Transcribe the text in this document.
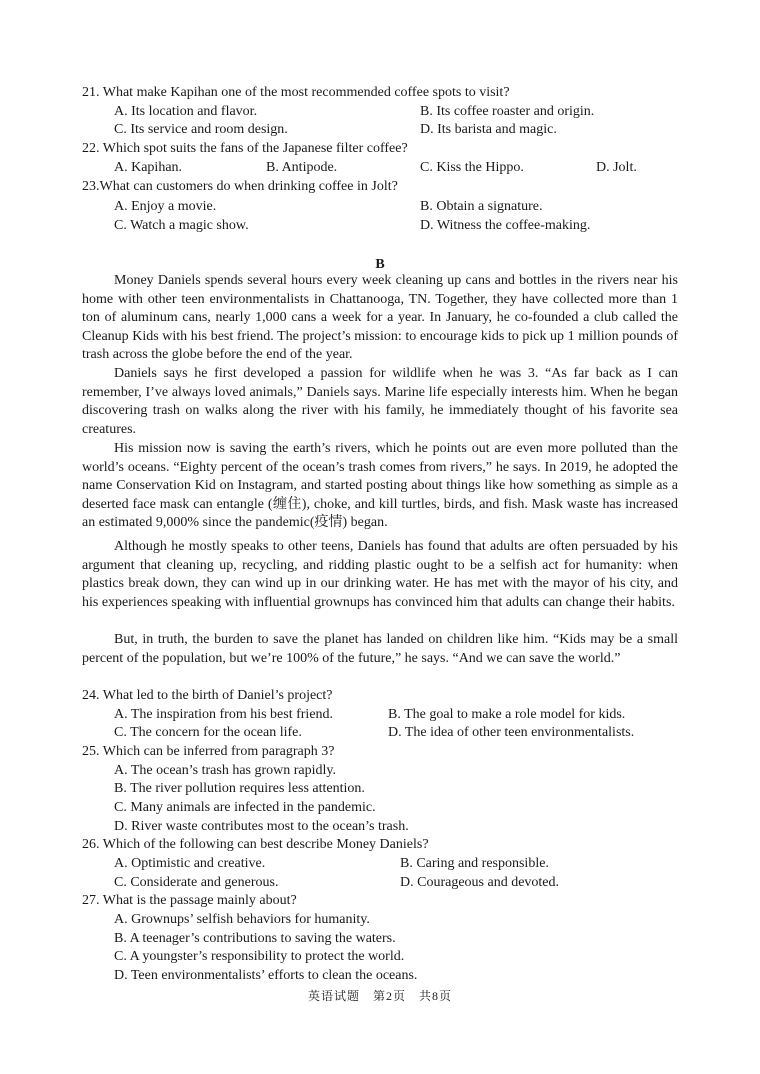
21. What make Kapihan one of the most recommended coffee spots to visit?
A. Its location and flavor.	B. Its coffee roaster and origin.
C. Its service and room design.	D. Its barista and magic.
22. Which spot suits the fans of the Japanese filter coffee?
A. Kapihan.	B. Antipode.	C. Kiss the Hippo.	D. Jolt.
23.What can customers do when drinking coffee in Jolt?
A. Enjoy a movie.	B. Obtain a signature.
C. Watch a magic show.	D. Witness the coffee-making.
B

Money Daniels spends several hours every week cleaning up cans and bottles in the rivers near his home with other teen environmentalists in Chattanooga, TN. Together, they have collected more than 1 ton of aluminum cans, nearly 1,000 cans a week for a year. In January, he co-founded a club called the Cleanup Kids with his best friend. The project’s mission: to encourage kids to pick up 1 million pounds of trash across the globe before the end of the year.

Daniels says he first developed a passion for wildlife when he was 3. “As far back as I can remember, I’ve always loved animals,” Daniels says. Marine life especially interests him. When he began discovering trash on walks along the river with his family, he immediately thought of his favorite sea creatures.

His mission now is saving the earth’s rivers, which he points out are even more polluted than the world’s oceans. “Eighty percent of the ocean’s trash comes from rivers,” he says. In 2019, he adopted the name Conservation Kid on Instagram, and started posting about things like how something as simple as a deserted face mask can entangle (缠住), choke, and kill turtles, birds, and fish. Mask waste has increased an estimated 9,000% since the pandemic(疫情) began.

Although he mostly speaks to other teens, Daniels has found that adults are often persuaded by his argument that cleaning up, recycling, and ridding plastic ought to be a selfish act for humanity: when plastics break down, they can wind up in our drinking water. He has met with the mayor of his city, and his experiences speaking with influential grownups has convinced him that adults can change their habits.

But, in truth, the burden to save the planet has landed on children like him. “Kids may be a small percent of the population, but we’re 100% of the future,” he says. “And we can save the world.”

24. What led to the birth of Daniel’s project?
A. The inspiration from his best friend.	B. The goal to make a role model for kids.
C. The concern for the ocean life.	D. The idea of other teen environmentalists.
25. Which can be inferred from paragraph 3?
A. The ocean’s trash has grown rapidly.
B. The river pollution requires less attention.
C. Many animals are infected in the pandemic.
D. River waste contributes most to the ocean’s trash.
26. Which of the following can best describe Money Daniels?
A. Optimistic and creative.	B. Caring and responsible.
C. Considerate and generous.	D. Courageous and devoted.
27. What is the passage mainly about?
A. Grownups’ selfish behaviors for humanity.
B. A teenager’s contributions to saving the waters.
C. A youngster’s responsibility to protect the world.
D. Teen environmentalists’ efforts to clean the oceans.
英语试题　第2页　共8页
